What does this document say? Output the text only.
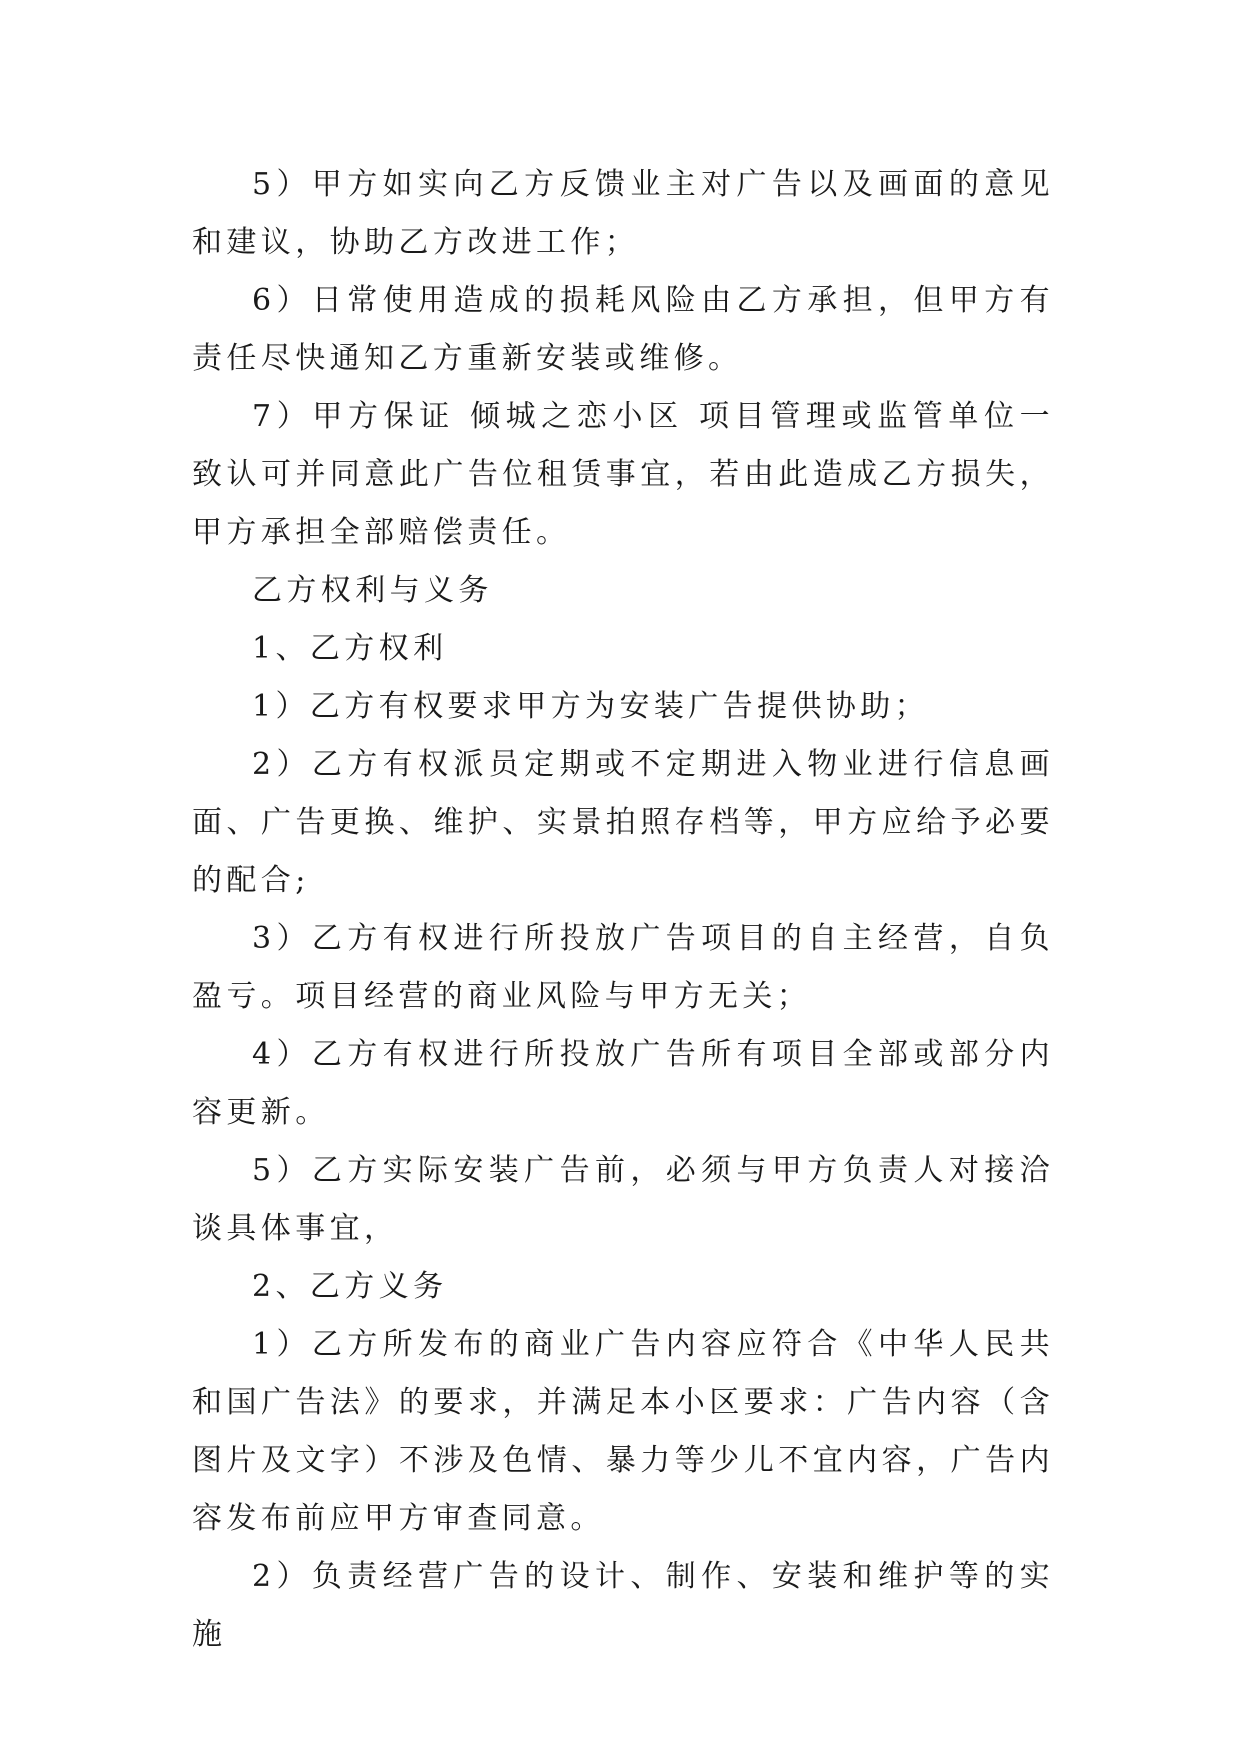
5）甲方如实向乙方反馈业主对广告以及画面的意见和建议，协助乙方改进工作；

6）日常使用造成的损耗风险由乙方承担，但甲方有责任尽快通知乙方重新安装或维修。

7）甲方保证 倾城之恋小区 项目管理或监管单位一致认可并同意此广告位租赁事宜，若由此造成乙方损失，甲方承担全部赔偿责任。

乙方权利与义务

1、乙方权利

1）乙方有权要求甲方为安装广告提供协助；

2）乙方有权派员定期或不定期进入物业进行信息画面、广告更换、维护、实景拍照存档等，甲方应给予必要的配合;

3）乙方有权进行所投放广告项目的自主经营，自负盈亏。项目经营的商业风险与甲方无关；

4）乙方有权进行所投放广告所有项目全部或部分内容更新。

5）乙方实际安装广告前，必须与甲方负责人对接洽谈具体事宜，

2、乙方义务

1）乙方所发布的商业广告内容应符合《中华人民共和国广告法》的要求，并满足本小区要求：广告内容（含图片及文字）不涉及色情、暴力等少儿不宜内容，广告内容发布前应甲方审查同意。

2）负责经营广告的设计、制作、安装和维护等的实施
